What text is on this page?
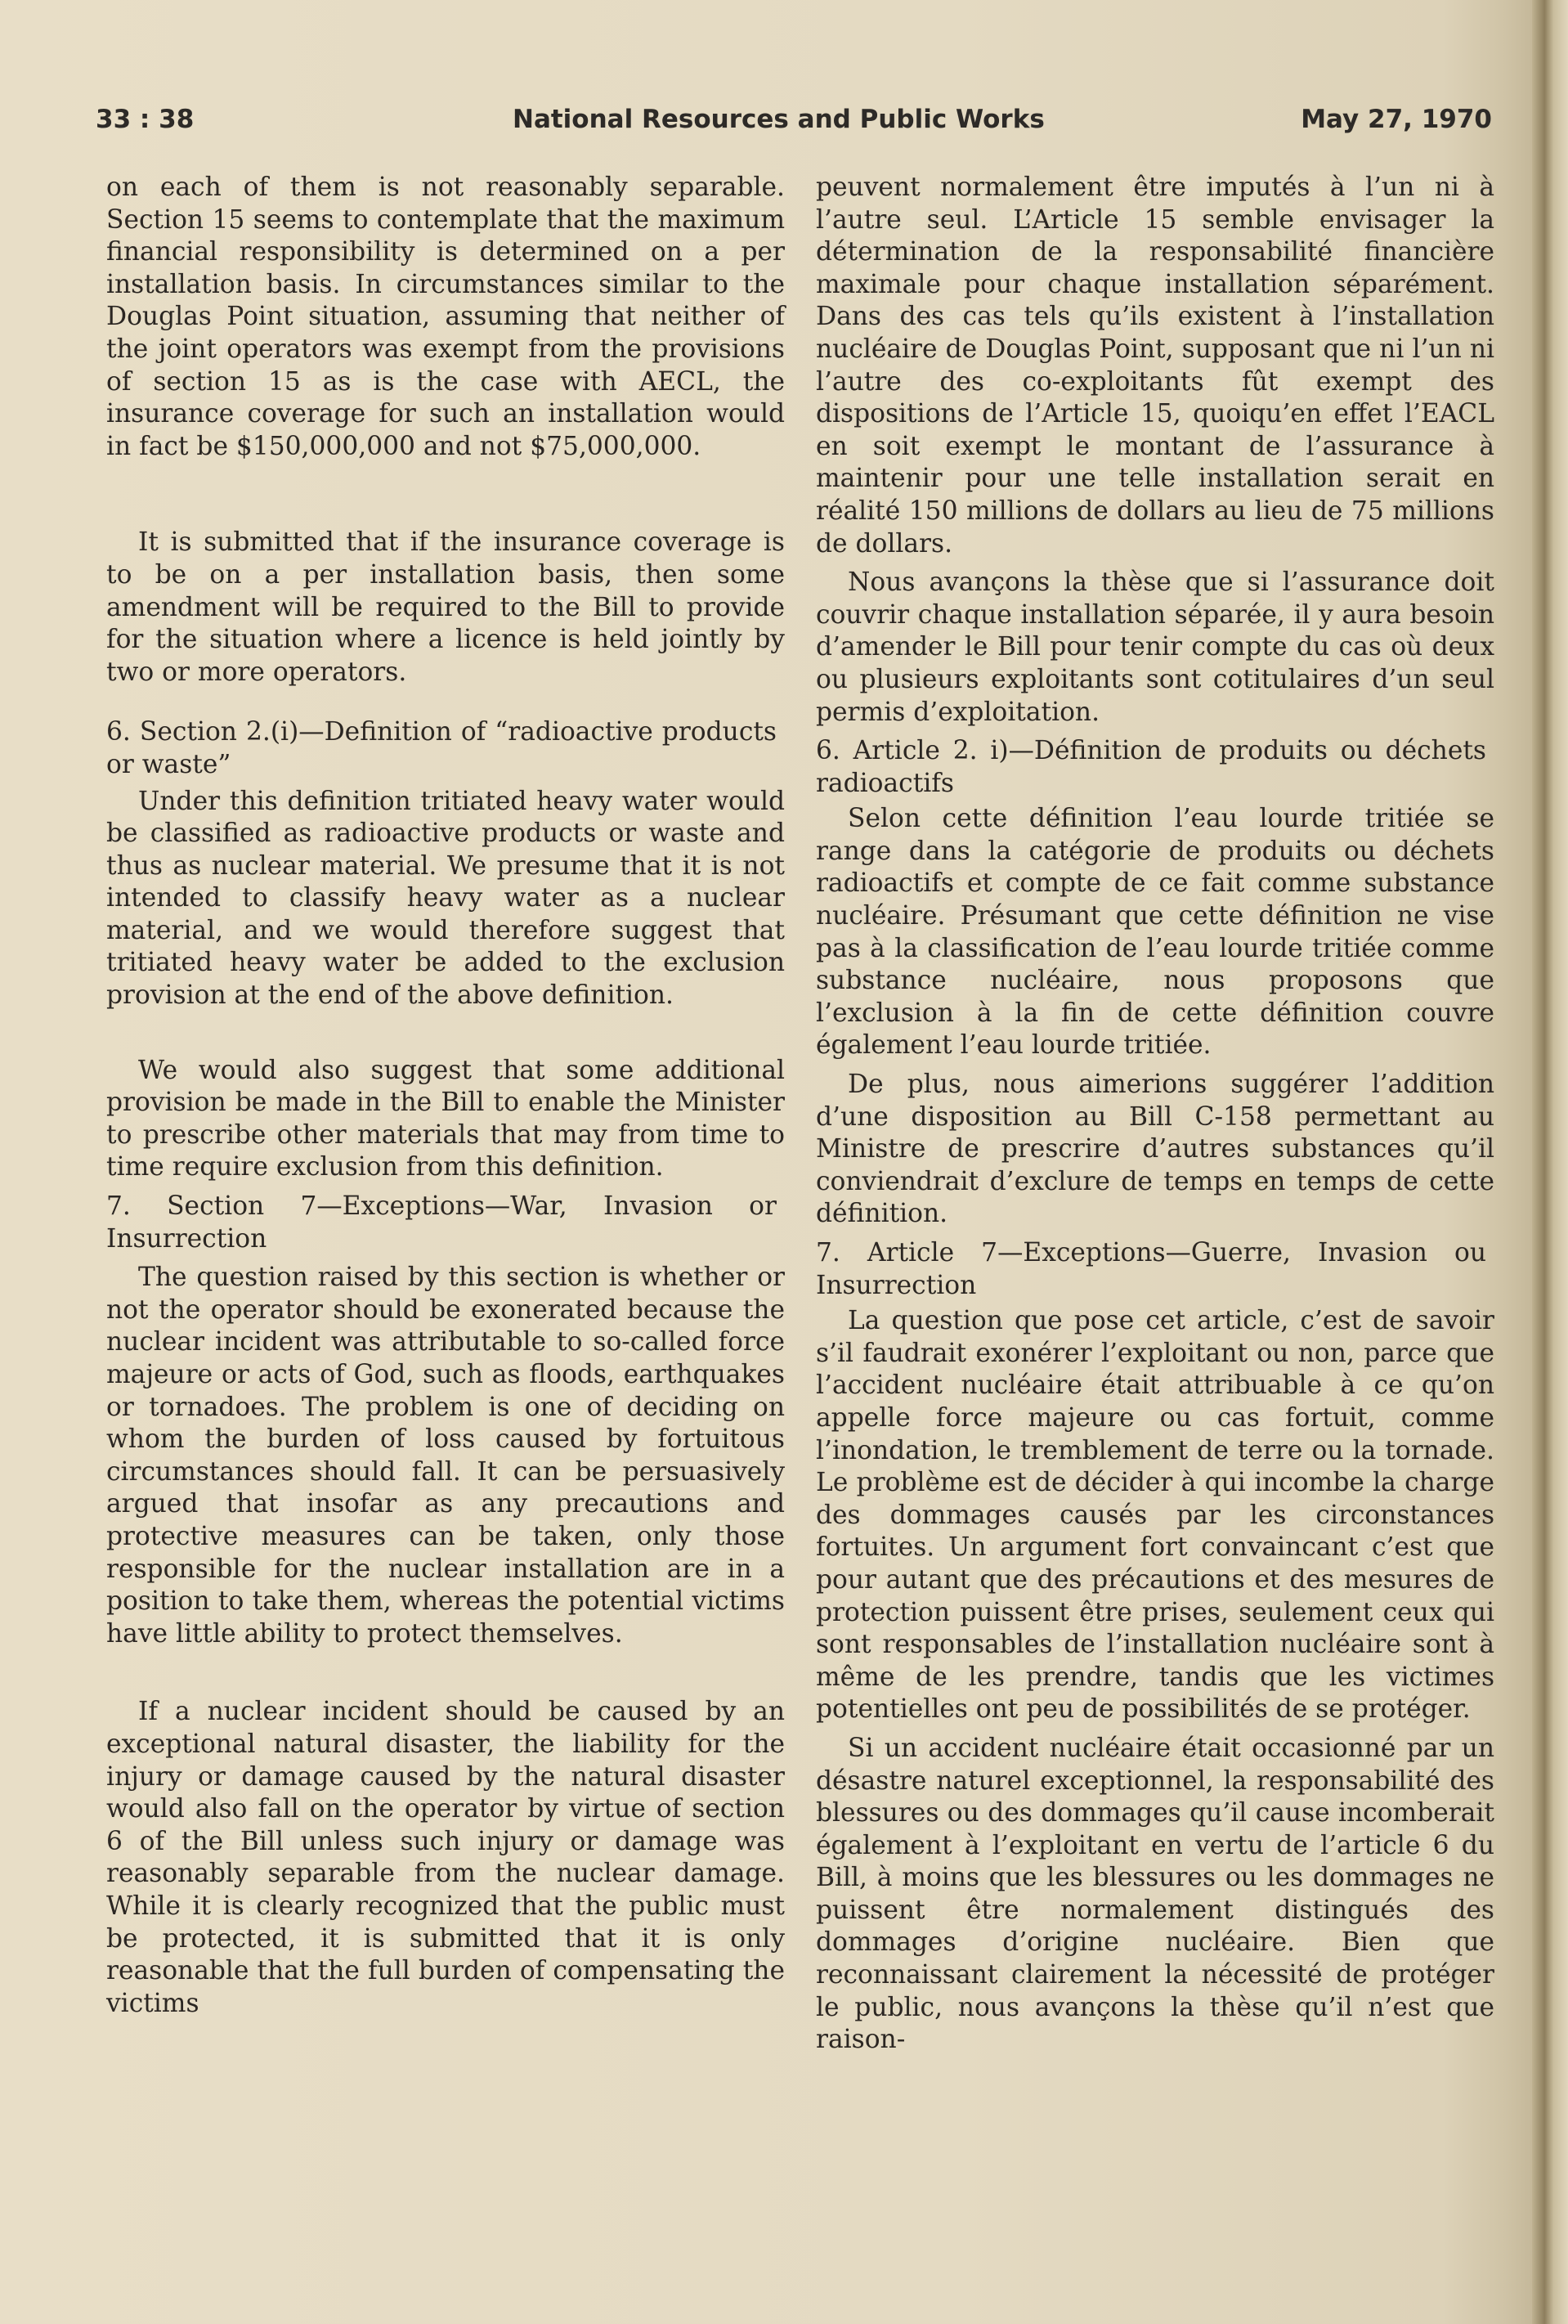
33 : 38	National Resources and Public Works	May 27, 1970

on each of them is not reasonably separable. Section 15 seems to contemplate that the maximum financial responsibility is determined on a per installation basis. In circumstances similar to the Douglas Point situation, assuming that neither of the joint operators was exempt from the provisions of section 15 as is the case with AECL, the insurance coverage for such an installation would in fact be $150,000,000 and not $75,000,000.

It is submitted that if the insurance coverage is to be on a per installation basis, then some amendment will be required to the Bill to provide for the situation where a licence is held jointly by two or more operators.

6. Section 2.(i)—Definition of “radioactive products or waste”

Under this definition tritiated heavy water would be classified as radioactive products or waste and thus as nuclear material. We presume that it is not intended to classify heavy water as a nuclear material, and we would therefore suggest that tritiated heavy water be added to the exclusion provision at the end of the above definition.

We would also suggest that some additional provision be made in the Bill to enable the Minister to prescribe other materials that may from time to time require exclusion from this definition.

7. Section 7—Exceptions—War, Invasion or Insurrection

The question raised by this section is whether or not the operator should be exonerated because the nuclear incident was attributable to so-called force majeure or acts of God, such as floods, earthquakes or tornadoes. The problem is one of deciding on whom the burden of loss caused by fortuitous circumstances should fall. It can be persuasively argued that insofar as any precautions and protective measures can be taken, only those responsible for the nuclear installation are in a position to take them, whereas the potential victims have little ability to protect themselves.

If a nuclear incident should be caused by an exceptional natural disaster, the liability for the injury or damage caused by the natural disaster would also fall on the operator by virtue of section 6 of the Bill unless such injury or damage was reasonably separable from the nuclear damage. While it is clearly recognized that the public must be protected, it is submitted that it is only reasonable that the full burden of compensating the victims

peuvent normalement être imputés à l’un ni à l’autre seul. L’Article 15 semble envisager la détermination de la responsabilité financière maximale pour chaque installation séparément. Dans des cas tels qu’ils existent à l’installation nucléaire de Douglas Point, supposant que ni l’un ni l’autre des co-exploitants fût exempt des dispositions de l’Article 15, quoiqu’en effet l’EACL en soit exempt le montant de l’assurance à maintenir pour une telle installation serait en réalité 150 millions de dollars au lieu de 75 millions de dollars.

Nous avançons la thèse que si l’assurance doit couvrir chaque installation séparée, il y aura besoin d’amender le Bill pour tenir compte du cas où deux ou plusieurs exploitants sont cotitulaires d’un seul permis d’exploitation.

6. Article 2. i)—Définition de produits ou déchets radioactifs

Selon cette définition l’eau lourde tritiée se range dans la catégorie de produits ou déchets radioactifs et compte de ce fait comme substance nucléaire. Présumant que cette définition ne vise pas à la classification de l’eau lourde tritiée comme substance nucléaire, nous proposons que l’exclusion à la fin de cette définition couvre également l’eau lourde tritiée.

De plus, nous aimerions suggérer l’addition d’une disposition au Bill C-158 permettant au Ministre de prescrire d’autres substances qu’il conviendrait d’exclure de temps en temps de cette définition.

7. Article 7—Exceptions—Guerre, Invasion ou Insurrection

La question que pose cet article, c’est de savoir s’il faudrait exonérer l’exploitant ou non, parce que l’accident nucléaire était attribuable à ce qu’on appelle force majeure ou cas fortuit, comme l’inondation, le tremblement de terre ou la tornade. Le problème est de décider à qui incombe la charge des dommages causés par les circonstances fortuites. Un argument fort convaincant c’est que pour autant que des précautions et des mesures de protection puissent être prises, seulement ceux qui sont responsables de l’installation nucléaire sont à même de les prendre, tandis que les victimes potentielles ont peu de possibilités de se protéger.

Si un accident nucléaire était occasionné par un désastre naturel exceptionnel, la responsabilité des blessures ou des dommages qu’il cause incomberait également à l’exploitant en vertu de l’article 6 du Bill, à moins que les blessures ou les dommages ne puissent être normalement distingués des dommages d’origine nucléaire. Bien que reconnaissant clairement la nécessité de protéger le public, nous avançons la thèse qu’il n’est que raison-
